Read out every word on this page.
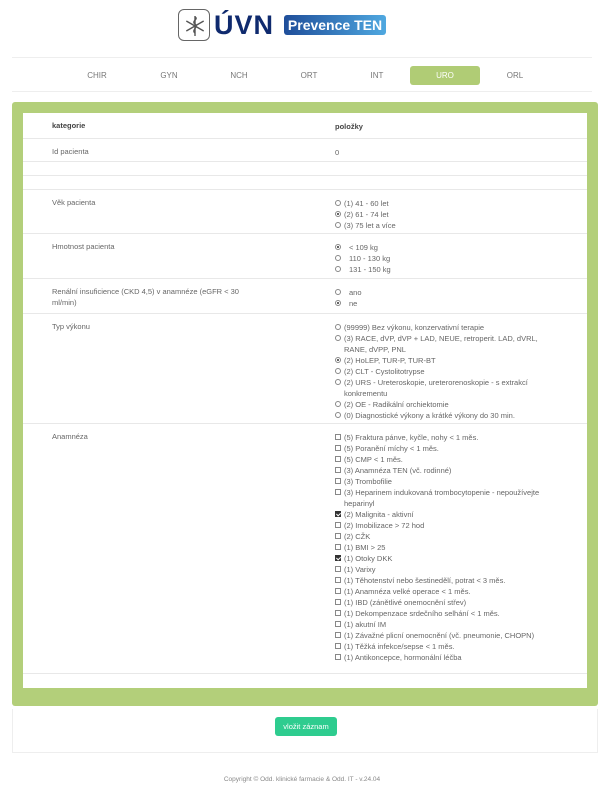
ÚVN Prevence TEN
CHIR	GYN	NCH	ORT	INT	URO	ORL
kategorie	položky
Id pacienta	0
Věk pacienta	(1) 41 - 60 let
(2) 61 - 74 let
(3) 75 let a více
Hmotnost pacienta	< 109 kg
110 - 130 kg
131 - 150 kg
Renální insuficience (CKD 4,5) v anamnéze (eGFR < 30 ml/min)
ano
ne
Typ výkonu	(99999) Bez výkonu, konzervativní terapie
(3) RACE, dVP, dVP + LAD, NEUE, retroperit. LAD, dVRL, RANE, dVPP, PNL
(2) HoLEP, TUR-P, TUR-BT
(2) CLT - Cystolitotrypse
(2) URS - Ureteroskopie, ureterorenoskopie - s extrakcí konkrementu
(2) OE - Radikální orchiektomie
(0) Diagnostické výkony a krátké výkony do 30 min.
Anamnéza	(5) Fraktura pánve, kyčle, nohy < 1 měs.
(5) Poranění míchy < 1 měs.
(5) CMP < 1 měs.
(3) Anamnéza TEN (vč. rodinné)
(3) Trombofilie
(3) Heparinem indukovaná trombocytopenie - nepoužívejte heparinyl
(2) Malignita - aktivní
(2) Imobilizace > 72 hod
(2) CŽK
(1) BMI > 25
(1) Otoky DKK
(1) Varixy
(1) Těhotenství nebo šestinedělí, potrat < 3 měs.
(1) Anamnéza velké operace < 1 měs.
(1) IBD (zánětlivé onemocnění střev)
(1) Dekompenzace srdečního selhání < 1 měs.
(1) akutní IM
(1) Závažné plicní onemocnění (vč. pneumonie, CHOPN)
(1) Těžká infekce/sepse < 1 měs.
(1) Antikoncepce, hormonální léčba
vložit záznam
Copyright © Odd. klinické farmacie & Odd. IT - v.24.04
